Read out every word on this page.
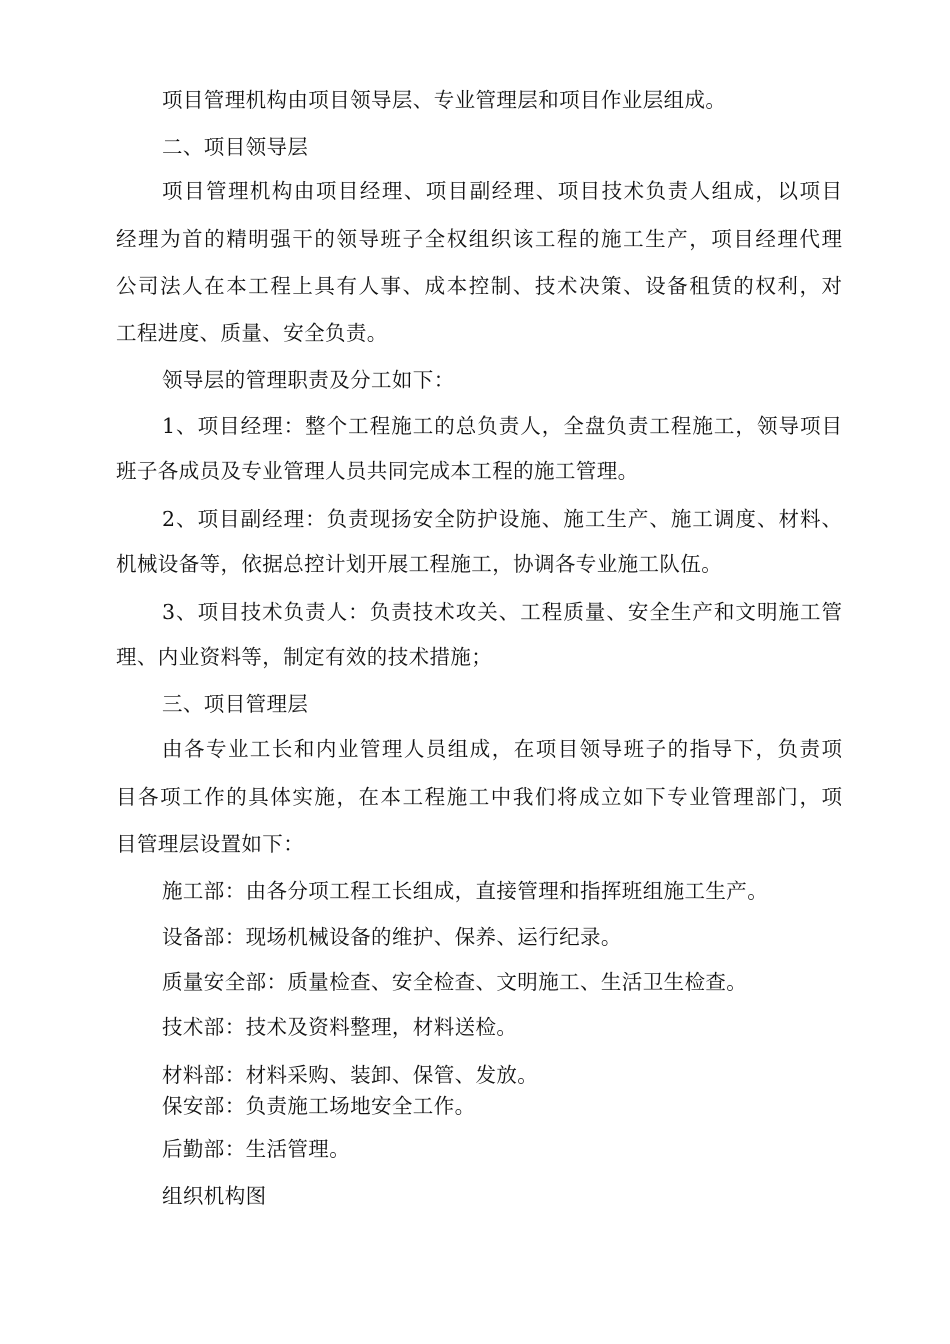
项目管理机构由项目领导层、专业管理层和项目作业层组成。
二、项目领导层
项目管理机构由项目经理、项目副经理、项目技术负责人组成，以项目
经理为首的精明强干的领导班子全权组织该工程的施工生产，项目经理代理
公司法人在本工程上具有人事、成本控制、技术决策、设备租赁的权利，对
工程进度、质量、安全负责。
领导层的管理职责及分工如下：
1、项目经理：整个工程施工的总负责人，全盘负责工程施工，领导项目
班子各成员及专业管理人员共同完成本工程的施工管理。
2、项目副经理：负责现扬安全防护设施、施工生产、施工调度、材料、
机械设备等，依据总控计划开展工程施工，协调各专业施工队伍。
3、项目技术负责人：负责技术攻关、工程质量、安全生产和文明施工管
理、内业资料等，制定有效的技术措施；
三、项目管理层
由各专业工长和内业管理人员组成，在项目领导班子的指导下，负责项
目各项工作的具体实施，在本工程施工中我们将成立如下专业管理部门，项
目管理层设置如下：
施工部：由各分项工程工长组成，直接管理和指挥班组施工生产。
设备部：现场机械设备的维护、保养、运行纪录。
质量安全部：质量检查、安全检查、文明施工、生活卫生检查。
技术部：技术及资料整理，材料送检。
材料部：材料采购、装卸、保管、发放。
保安部：负责施工场地安全工作。
后勤部：生活管理。
组织机构图
